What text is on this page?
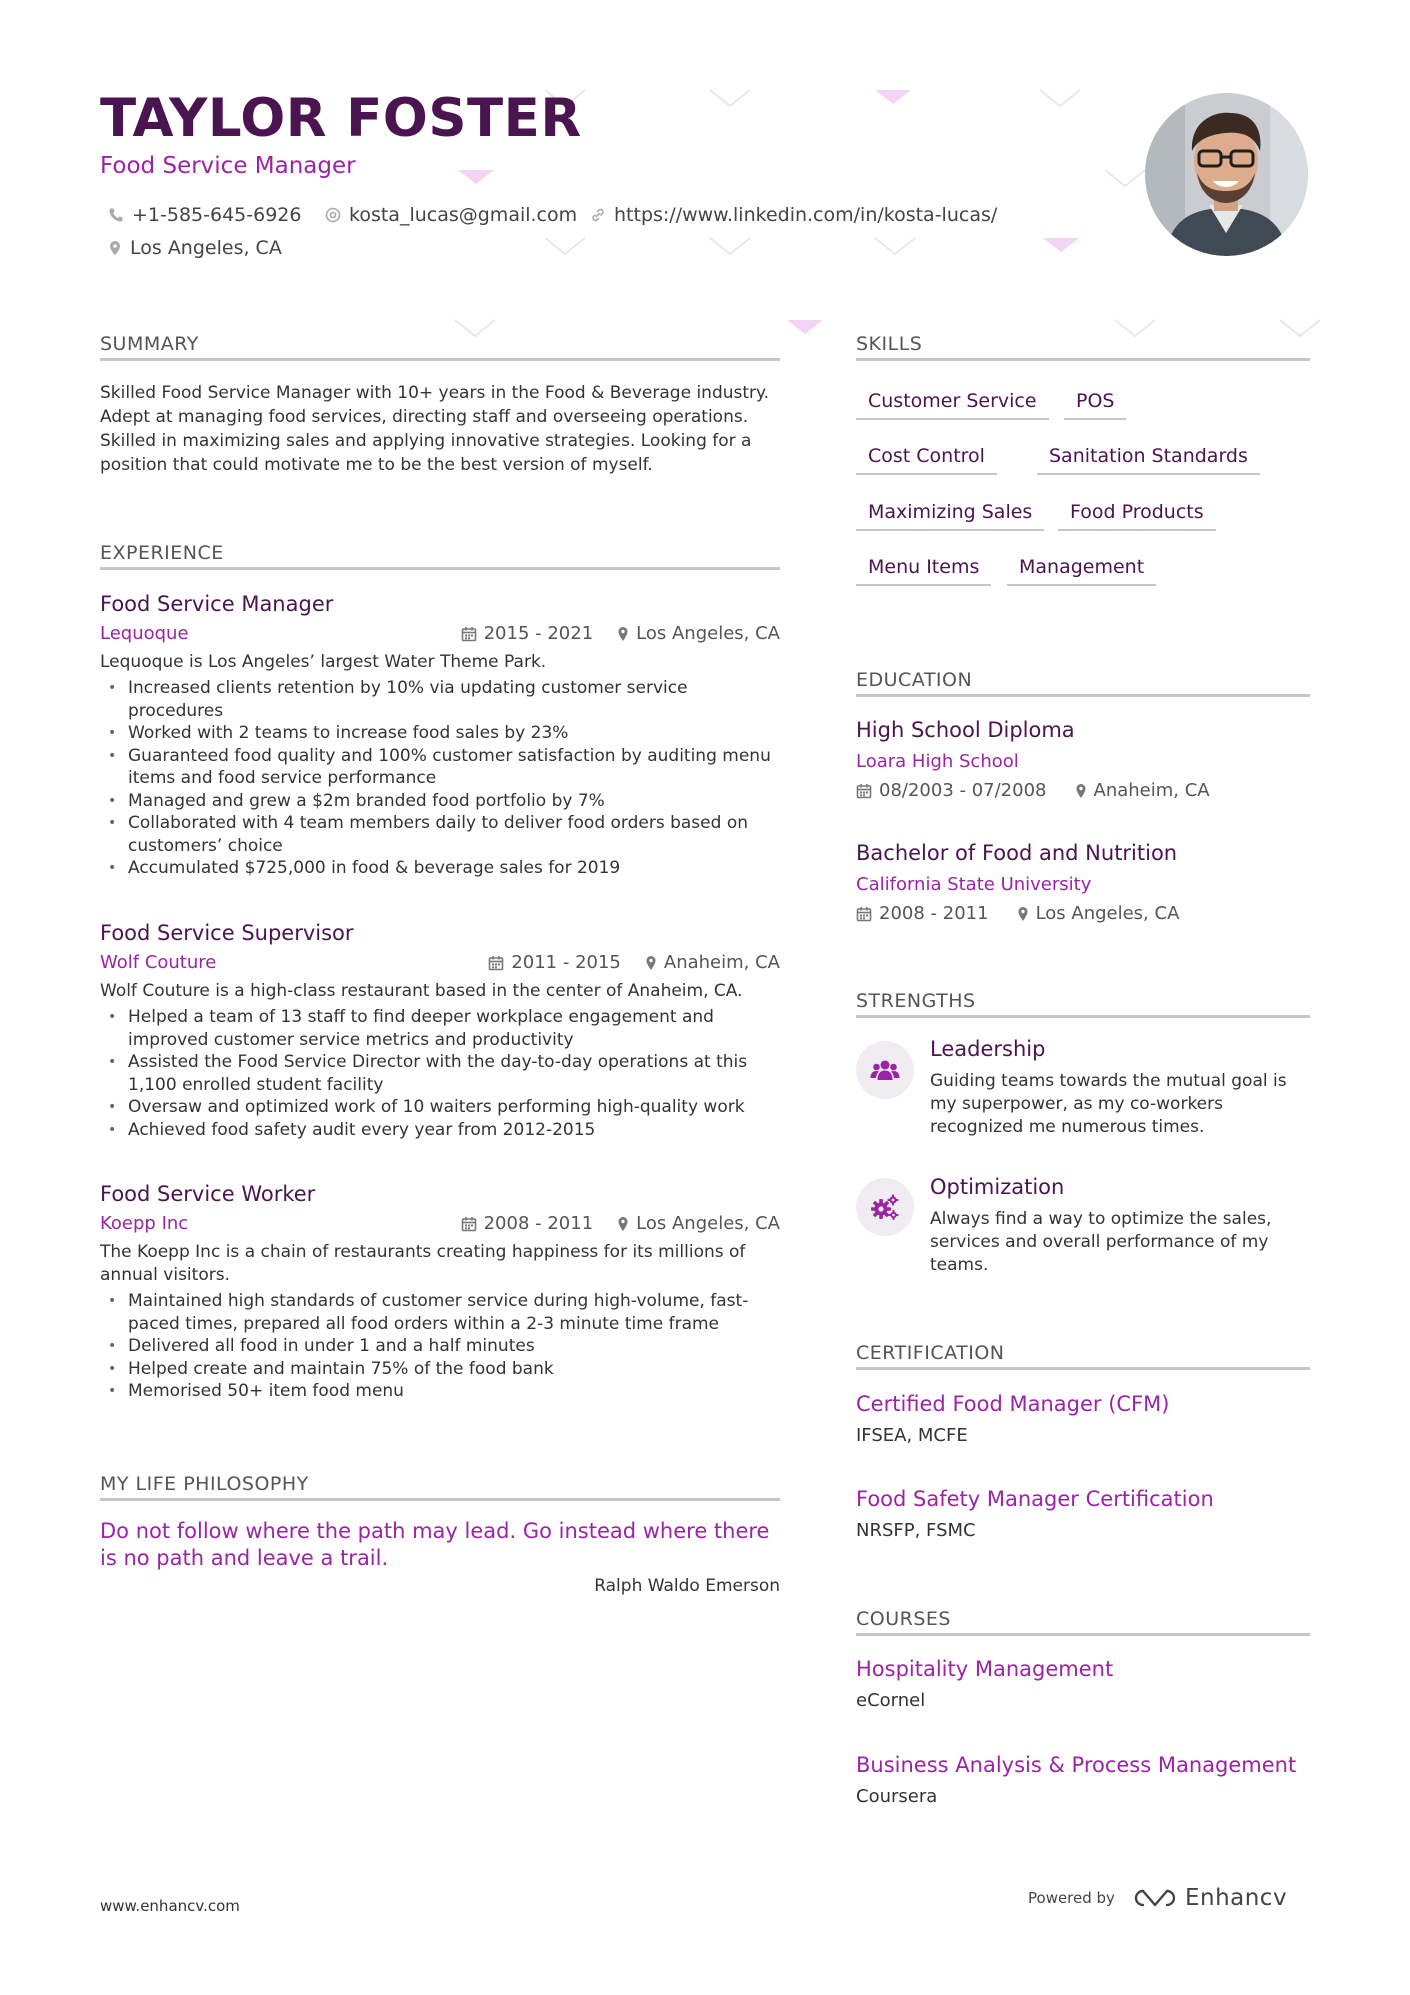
TAYLOR FOSTER
Food Service Manager
+1-585-645-6926	kosta_lucas@gmail.com https://www.linkedin.com/in/kosta-lucas/
Los Angeles, CA
SUMMARY
Skilled Food Service Manager with 10+ years in the Food & Beverage industry. Adept at managing food services, directing staff and overseeing operations. Skilled in maximizing sales and applying innovative strategies. Looking for a position that could motivate me to be the best version of myself.
EXPERIENCE
Food Service Manager
Lequoque	2015 - 2021 Los Angeles, CA
Lequoque is Los Angeles’ largest Water Theme Park.
• Increased clients retention by 10% via updating customer service procedures
• Worked with 2 teams to increase food sales by 23%
• Guaranteed food quality and 100% customer satisfaction by auditing menu items and food service performance
• Managed and grew a $2m branded food portfolio by 7%
• Collaborated with 4 team members daily to deliver food orders based on customers’ choice
• Accumulated $725,000 in food & beverage sales for 2019
Food Service Supervisor
Wolf Couture	2011 - 2015 Anaheim, CA
Wolf Couture is a high-class restaurant based in the center of Anaheim, CA.
• Helped a team of 13 staff to find deeper workplace engagement and improved customer service metrics and productivity
• Assisted the Food Service Director with the day-to-day operations at this 1,100 enrolled student facility
• Oversaw and optimized work of 10 waiters performing high-quality work
• Achieved food safety audit every year from 2012-2015
Food Service Worker
Koepp Inc	2008 - 2011 Los Angeles, CA
The Koepp Inc is a chain of restaurants creating happiness for its millions of annual visitors.
• Maintained high standards of customer service during high-volume, fast-paced times, prepared all food orders within a 2-3 minute time frame
• Delivered all food in under 1 and a half minutes
• Helped create and maintain 75% of the food bank
• Memorised 50+ item food menu
MY LIFE PHILOSOPHY
Do not follow where the path may lead. Go instead where there is no path and leave a trail.
Ralph Waldo Emerson
SKILLS
Customer Service	POS
Cost Control	Sanitation Standards
Maximizing Sales	Food Products
Menu Items	Management
EDUCATION
High School Diploma
Loara High School
08/2003 - 07/2008	Anaheim, CA
Bachelor of Food and Nutrition
California State University
2008 - 2011	Los Angeles, CA
STRENGTHS
Leadership
Guiding teams towards the mutual goal is my superpower, as my co-workers recognized me numerous times.
Optimization
Always find a way to optimize the sales, services and overall performance of my teams.
CERTIFICATION
Certified Food Manager (CFM)
IFSEA, MCFE
Food Safety Manager Certification
NRSFP, FSMC
COURSES
Hospitality Management
eCornel
Business Analysis & Process Management
Coursera
www.enhancv.com	Powered by	Enhancv
